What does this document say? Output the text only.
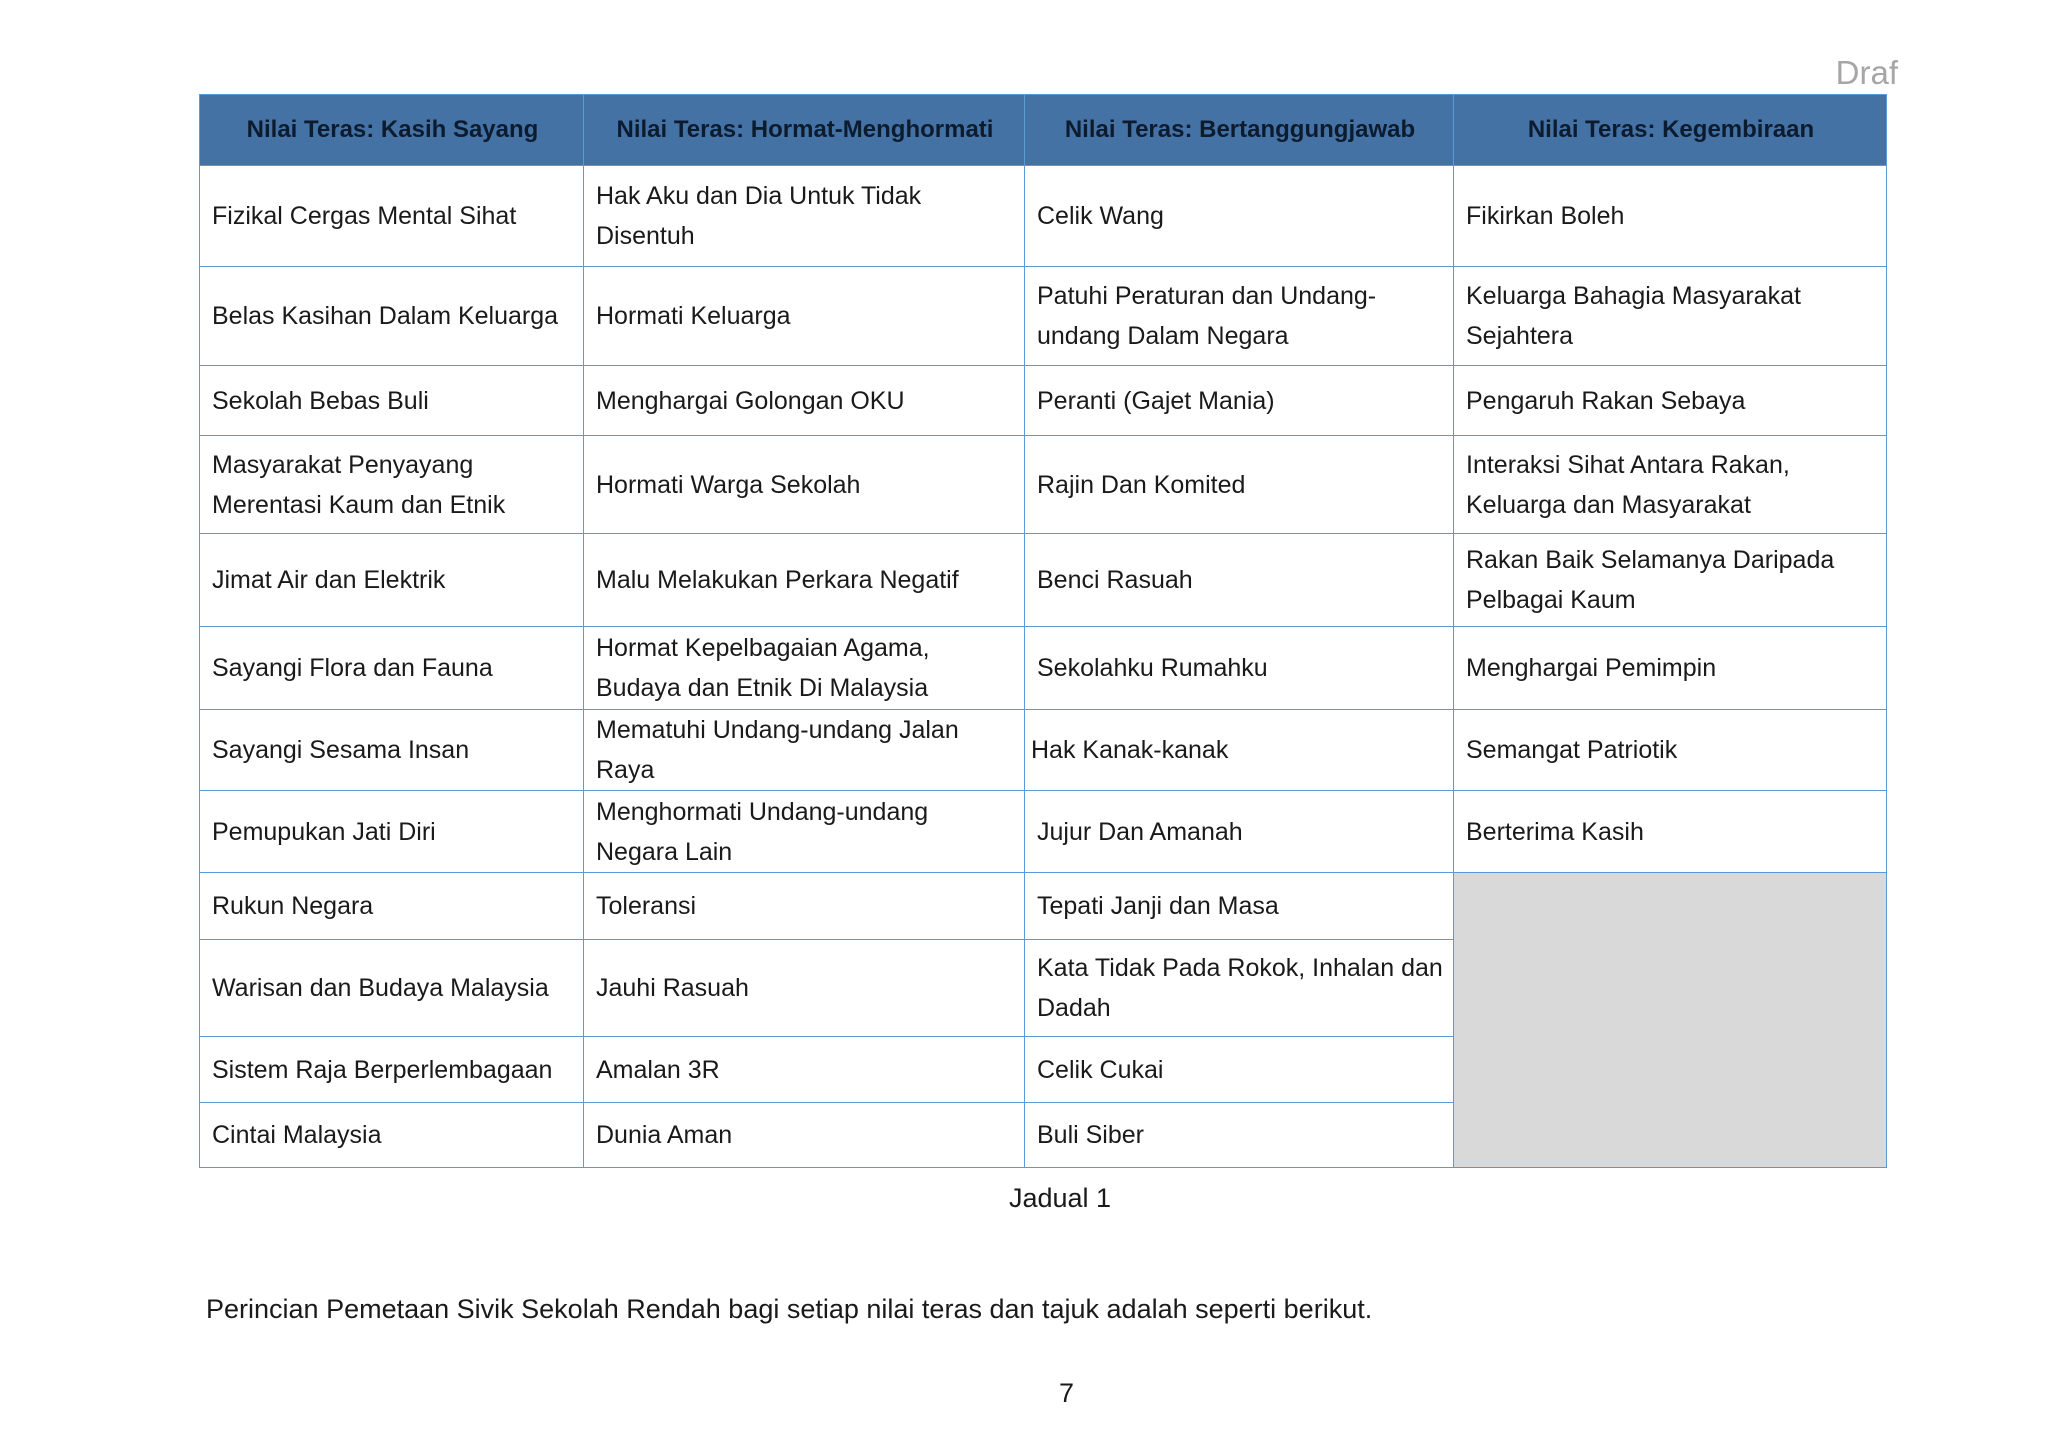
Draf
Nilai Teras: Kasih Sayang	Nilai Teras: Hormat-Menghormati	Nilai Teras: Bertanggungjawab	Nilai Teras: Kegembiraan
Fizikal Cergas Mental Sihat	Hak Aku dan Dia Untuk Tidak Disentuh	Celik Wang	Fikirkan Boleh
Belas Kasihan Dalam Keluarga	Hormati Keluarga	Patuhi Peraturan dan Undang-undang Dalam Negara	Keluarga Bahagia Masyarakat Sejahtera
Sekolah Bebas Buli	Menghargai Golongan OKU	Peranti (Gajet Mania)	Pengaruh Rakan Sebaya
Masyarakat Penyayang Merentasi Kaum dan Etnik	Hormati Warga Sekolah	Rajin Dan Komited	Interaksi Sihat Antara Rakan, Keluarga dan Masyarakat
Jimat Air dan Elektrik	Malu Melakukan Perkara Negatif	Benci Rasuah	Rakan Baik Selamanya Daripada Pelbagai Kaum
Sayangi Flora dan Fauna	Hormat Kepelbagaian Agama, Budaya dan Etnik Di Malaysia	Sekolahku Rumahku	Menghargai Pemimpin
Sayangi Sesama Insan	Mematuhi Undang-undang Jalan Raya	Hak Kanak-kanak	Semangat Patriotik
Pemupukan Jati Diri	Menghormati Undang-undang Negara Lain	Jujur Dan Amanah	Berterima Kasih
Rukun Negara	Toleransi	Tepati Janji dan Masa	
Warisan dan Budaya Malaysia	Jauhi Rasuah	Kata Tidak Pada Rokok, Inhalan dan Dadah	
Sistem Raja Berperlembagaan	Amalan 3R	Celik Cukai	
Cintai Malaysia	Dunia Aman	Buli Siber	
Jadual 1
Perincian Pemetaan Sivik Sekolah Rendah bagi setiap nilai teras dan tajuk adalah seperti berikut.
7
